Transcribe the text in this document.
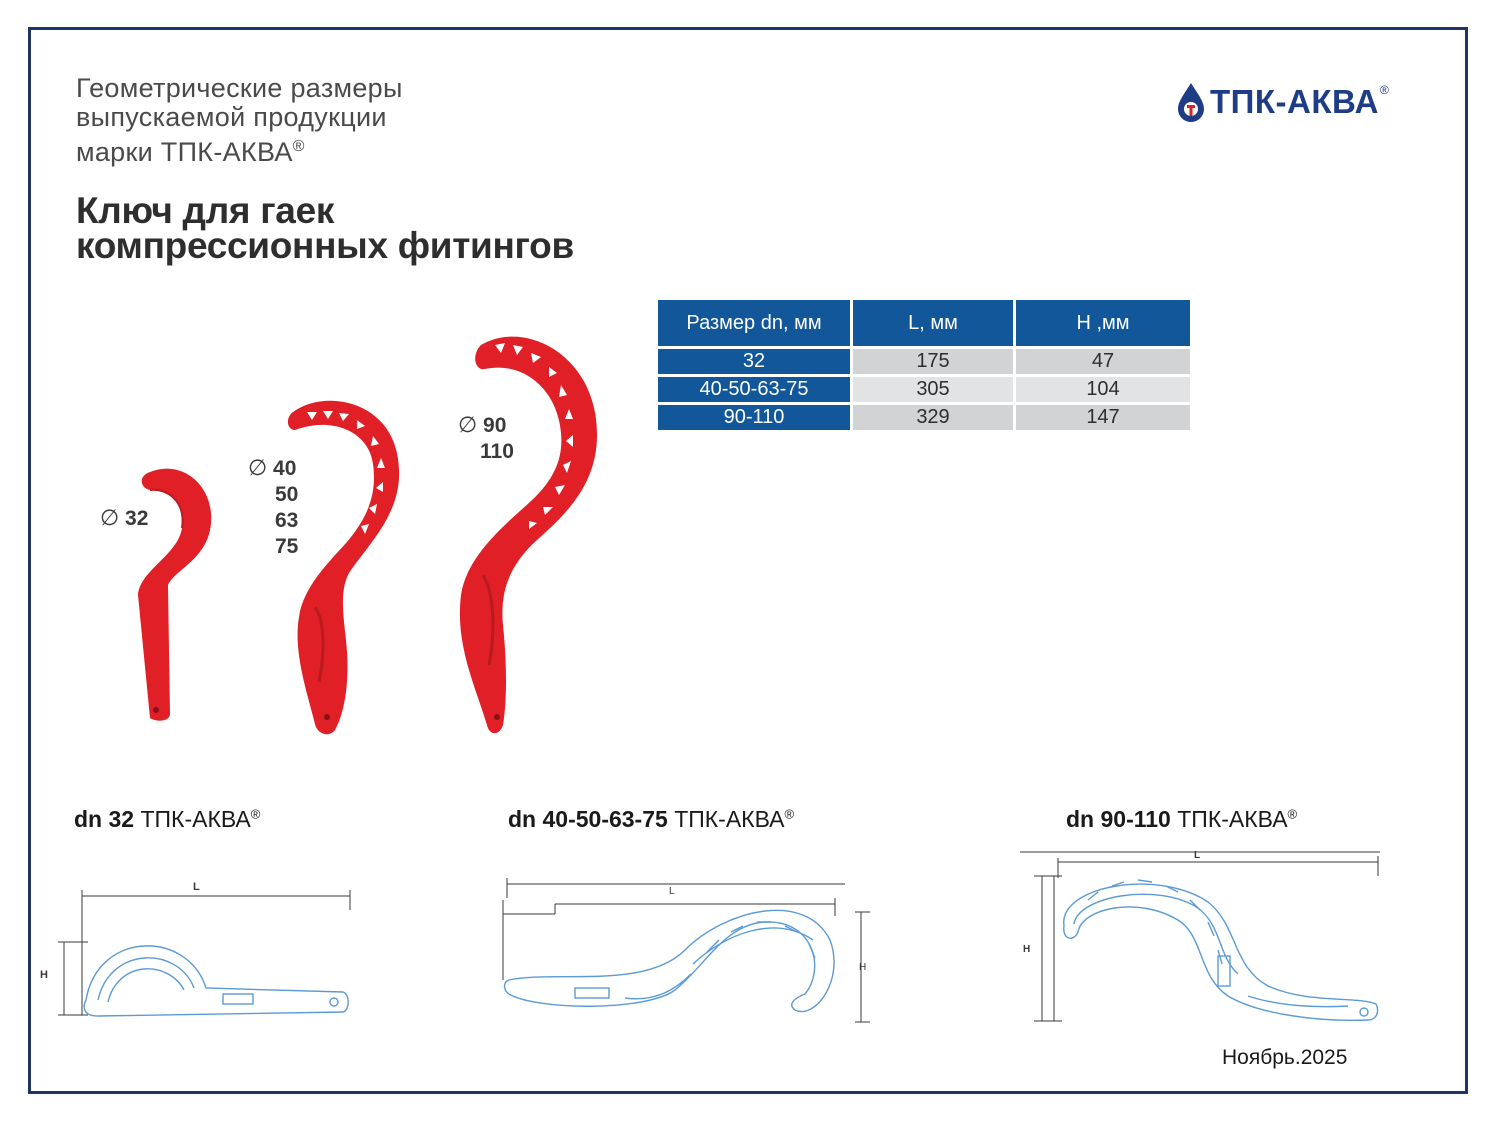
Геометрические размеры
выпускаемой продукции
марки ТПК-АКВА®
Ключ для гаек
компрессионных фитингов
ТПК-АКВА ®
Размер dn, мм	L, мм	H ,мм
32	175	47
40-50-63-75	305	104
90-110	329	147
∅ 32
∅ 40
50
63
75
∅ 90
110
dn 32 ТПК-АКВА®	dn 40-50-63-75 ТПК-АКВА®	dn 90-110 ТПК-АКВА®
L
H
L
H
L
H
Ноябрь.2025
